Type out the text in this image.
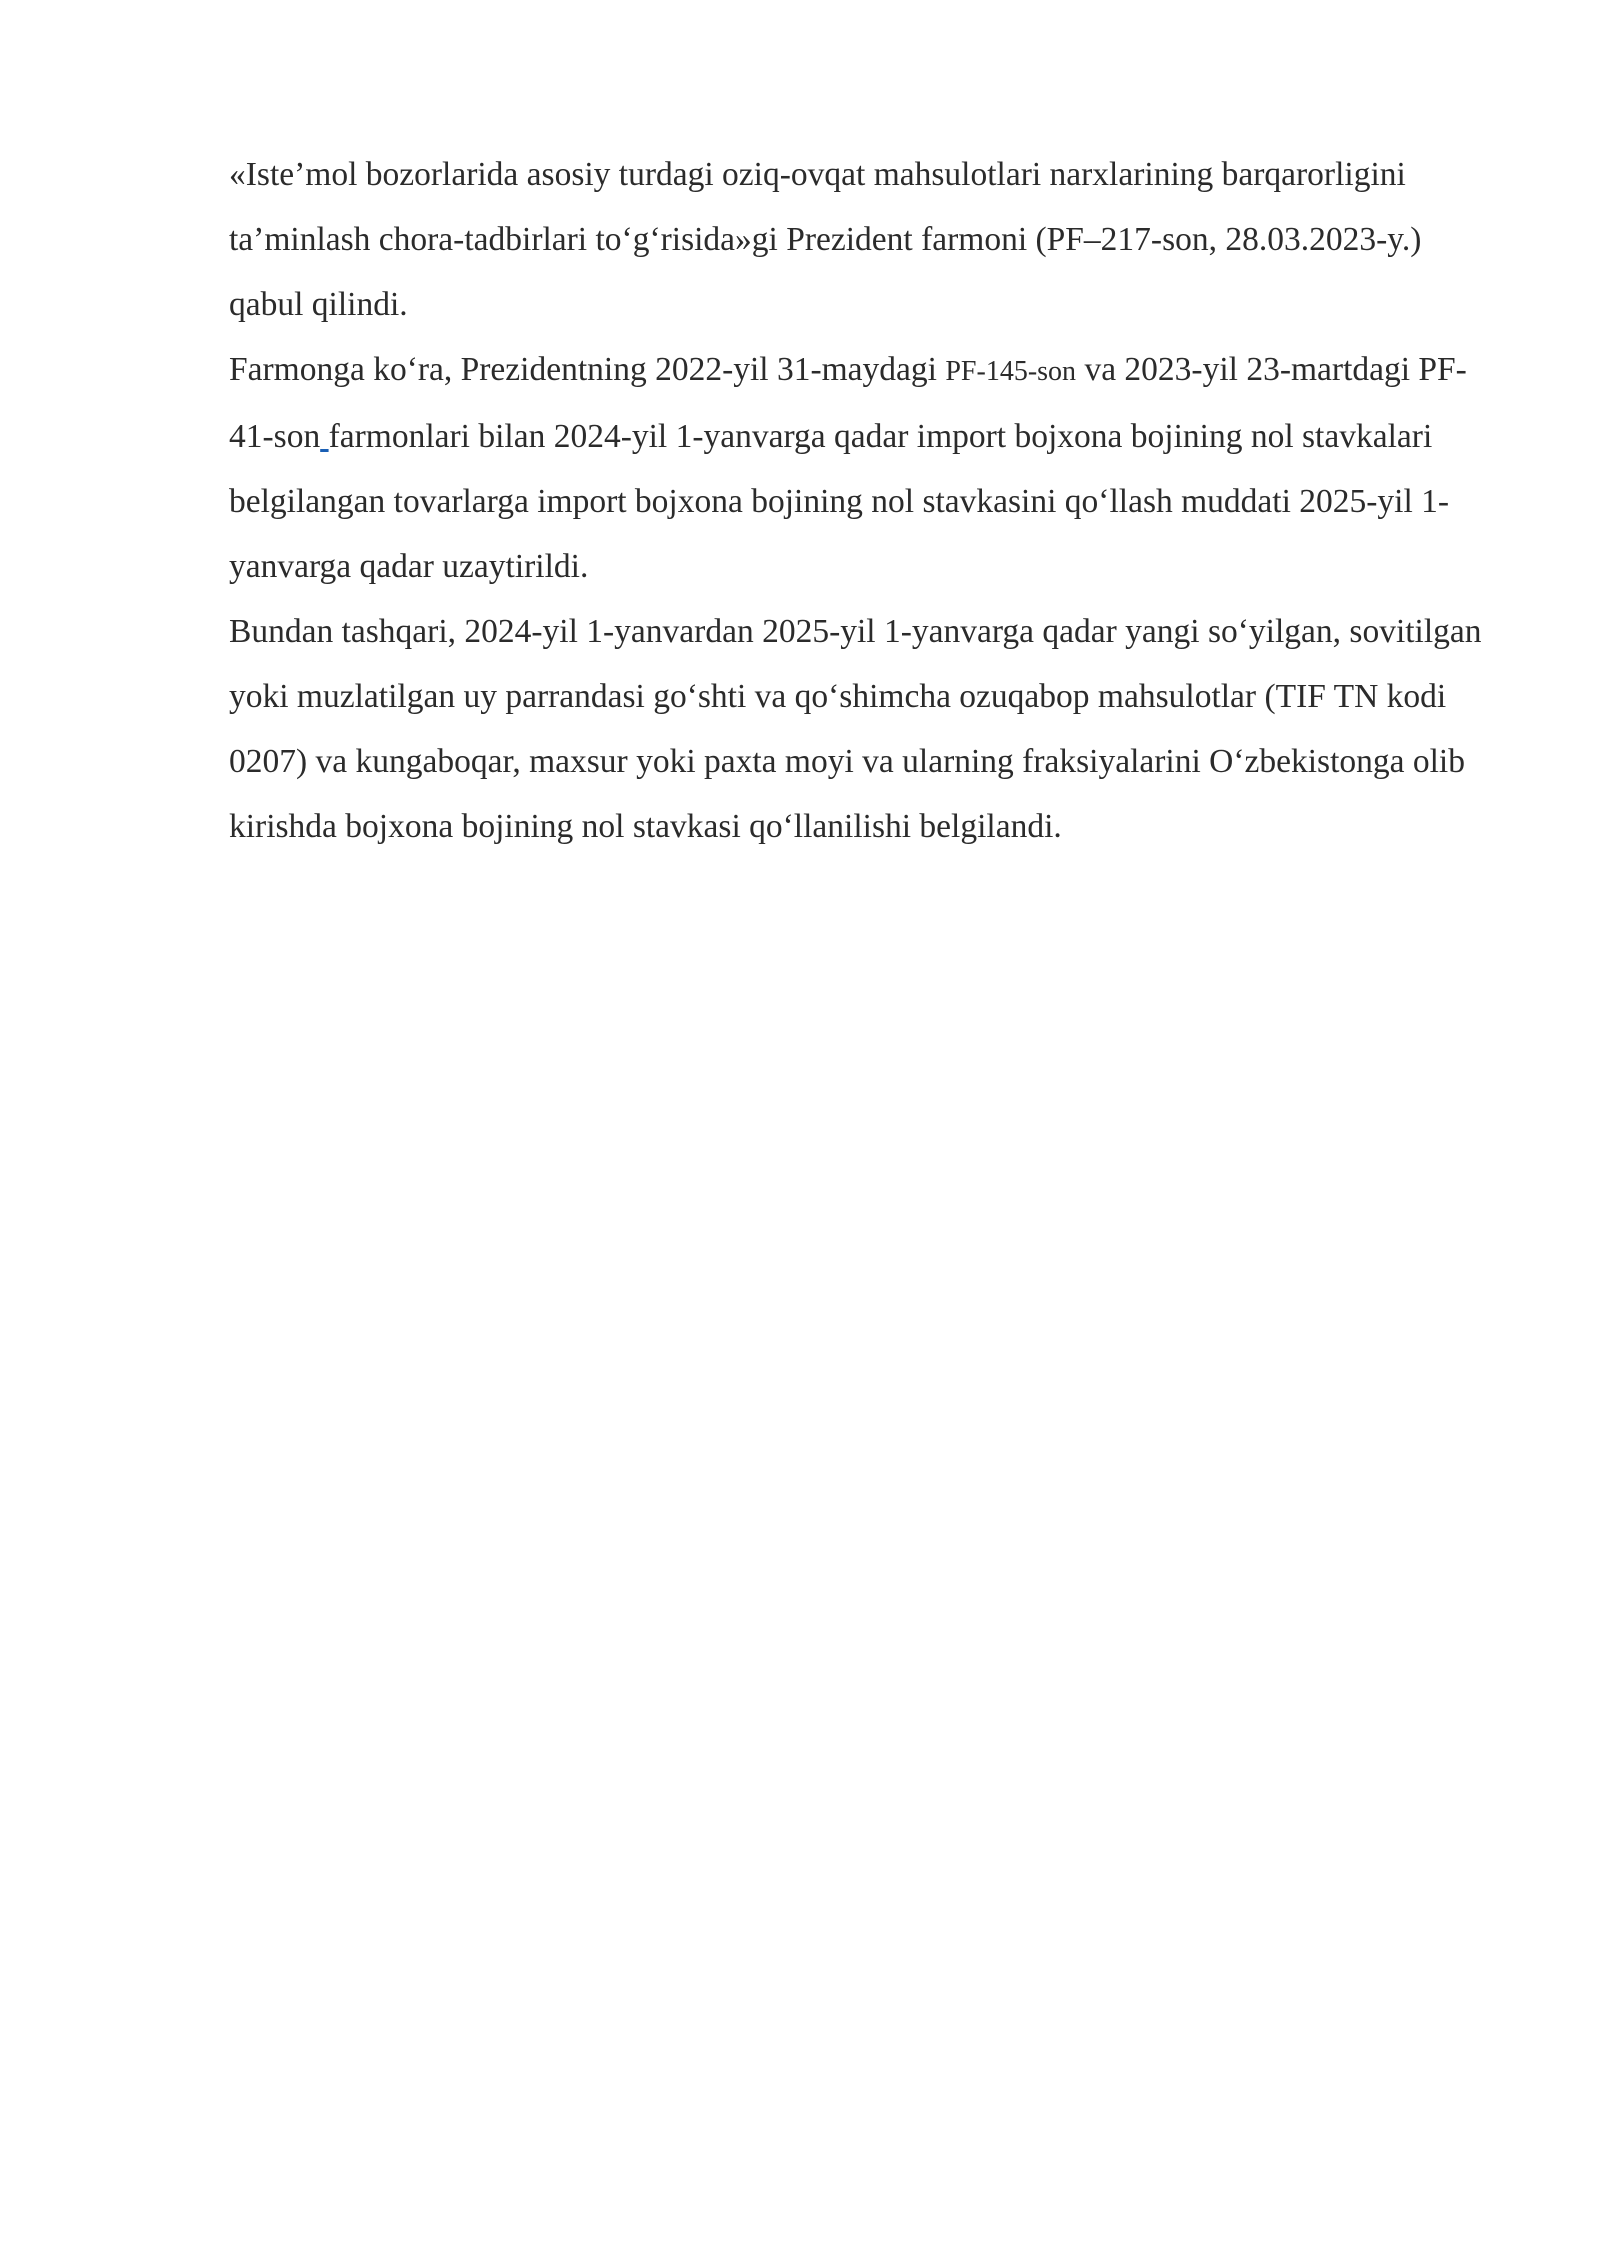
«Iste’mol bozorlarida asosiy turdagi oziq-ovqat mahsulotlari narxlarining barqarorligini ta’minlash chora-tadbirlari to‘g‘risida»gi Prezident farmoni (PF–217-son, 28.03.2023-y.) qabul qilindi.

Farmonga ko‘ra, Prezidentning 2022-yil 31-maydagi PF-145-son va 2023-yil 23-martdagi PF-41-son farmonlari bilan 2024-yil 1-yanvarga qadar import bojxona bojining nol stavkalari belgilangan tovarlarga import bojxona bojining nol stavkasini qo‘llash muddati 2025-yil 1- yanvarga qadar uzaytirildi.

Bundan tashqari, 2024-yil 1-yanvardan 2025-yil 1-yanvarga qadar yangi so‘yilgan, sovitilgan yoki muzlatilgan uy parrandasi go‘shti va qo‘shimcha ozuqabop mahsulotlar (TIF TN kodi 0207) va kungaboqar, maxsur yoki paxta moyi va ularning fraksiyalarini O‘zbekistonga olib kirishda bojxona bojining nol stavkasi qo‘llanilishi belgilandi.
